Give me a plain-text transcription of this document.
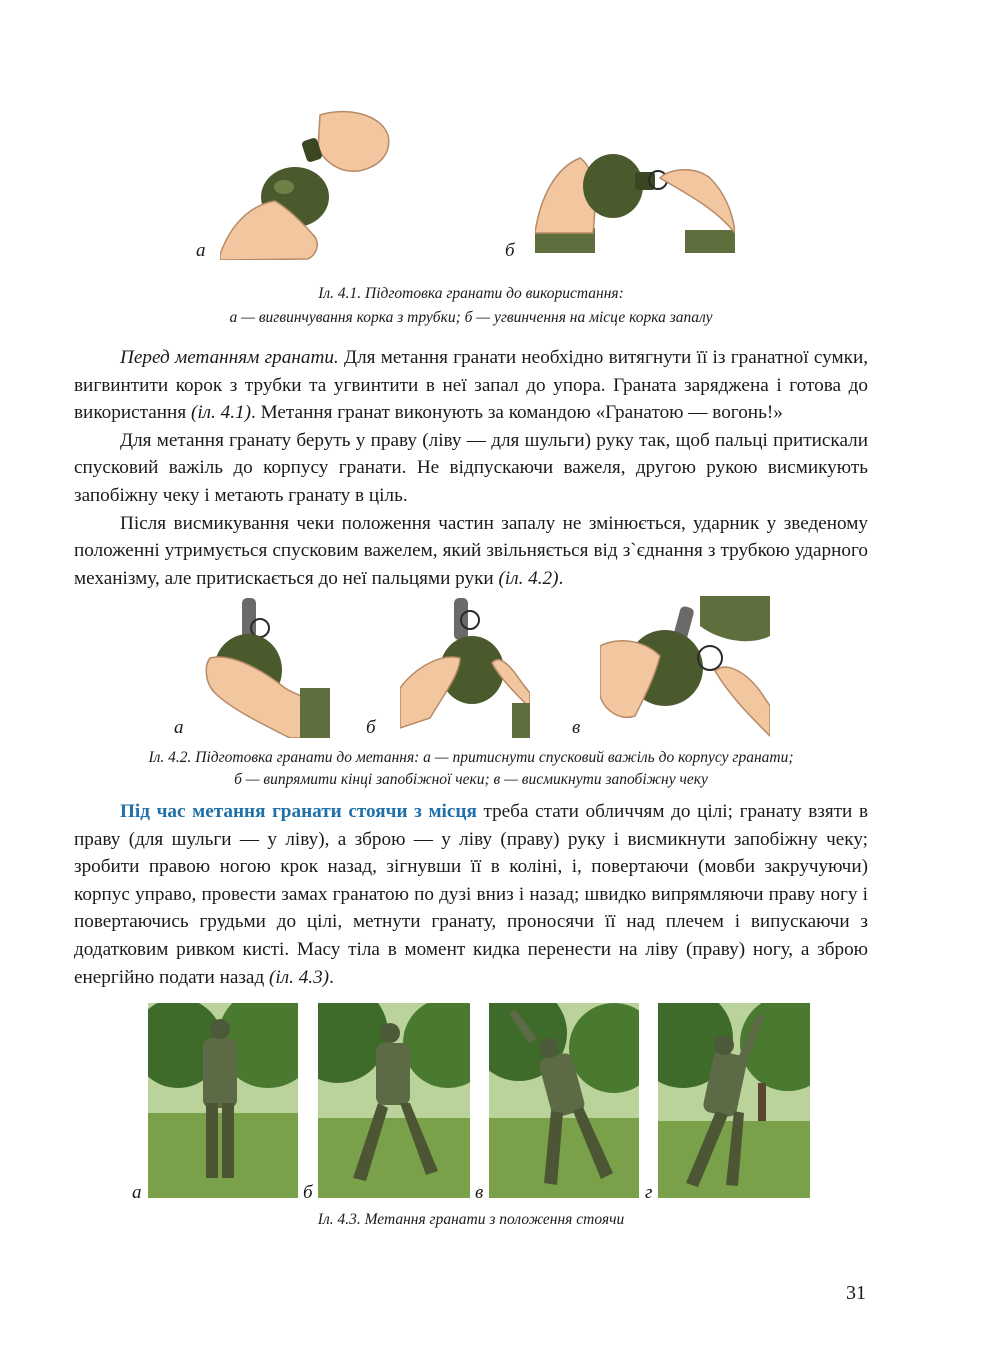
а	б
Іл. 4.1. Підготовка гранати до використання:
а — вигвинчування корка з трубки; б — угвинчення на місце корка запалу

Перед метанням гранати. Для метання гранати необхідно витягнути її із гранатної сумки, вигвинтити корок з трубки та угвинтити в неї запал до упора. Граната заряджена і готова до використання (іл. 4.1). Метання гранат виконують за командою «Гранатою — вогонь!»

Для метання гранату беруть у праву (ліву — для шульги) руку так, щоб пальці притискали спусковий важіль до корпусу гранати. Не відпускаючи важеля, другою рукою висмикують запобіжну чеку і метають гранату в ціль.

Після висмикування чеки положення частин запалу не змінюється, ударник у зведеному положенні утримується спусковим важелем, який звільняється від з`єднання з трубкою ударного механізму, але притискається до неї пальцями руки (іл. 4.2).

а	б	в
Іл. 4.2. Підготовка гранати до метання: а — притиснути спусковий важіль до корпусу гранати;
б — випрямити кінці запобіжної чеки; в — висмикнути запобіжну чеку

Під час метання гранати стоячи з місця треба стати обличчям до цілі; гранату взяти в праву (для шульги — у ліву), а зброю — у ліву (праву) руку і висмикнути запобіжну чеку; зробити правою ногою крок назад, зігнувши її в коліні, і, повертаючи (мовби закручуючи) корпус управо, провести замах гранатою по дузі вниз і назад; швидко випрямляючи праву ногу і повертаючись грудьми до цілі, метнути гранату, проносячи її над плечем і випускаючи з додатковим ривком кисті. Масу тіла в момент кидка перенести на ліву (праву) ногу, а зброю енергійно подати назад (іл. 4.3).

а	б	в	г
Іл. 4.3. Метання гранати з положення стоячи
31
